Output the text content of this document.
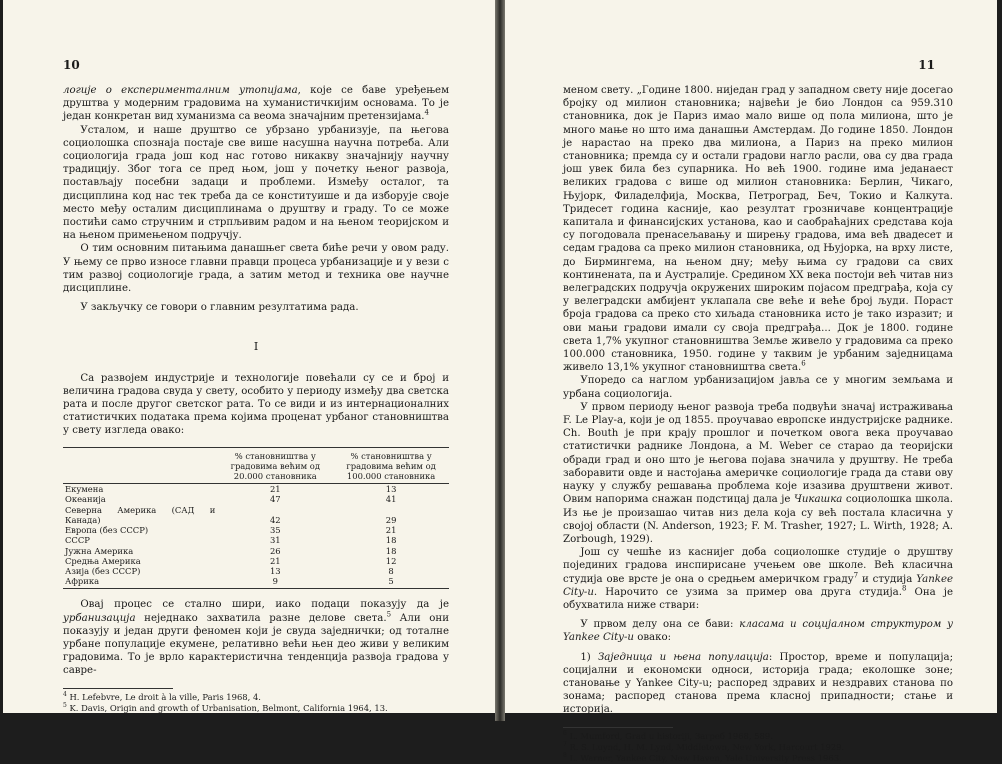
10

логије о експерименталним утопијама, које се баве уређењем друштва у модерним градовима на хуманистичкијим основама. То је један конкретан вид хуманизма са веома значајним претензијама.$^4$

Усталом, и наше друштво се убрзано урбанизује, па његова социолошка спознаја постаје све више насушна научна потреба. Али социологија града још код нас готово никакву значајнију научну традицију. Због тога се пред њом, још у почетку њеног развоја, постављају посебни задаци и проблеми. Између осталог, та дисциплина код нас тек треба да се конституише и да изборује своје место међу осталим дисциплинама о друштву и граду. То се може постићи само стручним и стрпљивим радом и на њеном теоријском и на њеном примењеном подручју.

О тим основним питањима данашњег света биће речи у овом раду. У њему се прво износе главни правци процеса урбанизације и у вези с тим развој социологије града, а затим метод и техника ове научне дисциплине.

У закључку се говори о главним резултатима рада.

I

Са развојем индустрије и технологије повећали су се и број и величина градова свуда у свету, особито у периоду између два светска рата и после другог светског рата. То се види и из интернационалних статистичких података према којима проценат урбаног становништва у свету изгледа овако:

	% становништва у градовима већим од 20.000 становника	% становништва у градовима већим од 100.000 становника
Екумена	21	13
Океанија	47	41
Северна Америка (САД и Канада)	42	29
Европа (без СССР)	35	21
СССР	31	18
Јужна Америка	26	18
Средња Америка	21	12
Азија (без СССР)	13	8
Африка	9	5

Овај процес се стално шири, иако подаци показују да је урбанизација неједнако захватила разне делове света.$^5$ Али они показују и један други феномен који је свуда заједнички; од тоталне урбане популације екумене, релативно већи њен део живи у великим градовима. То је врло карактеристична тенденција развоја градова у савре-

$^4$ H. Lefebvre, Le droit à la ville, Paris 1968, 4.
$^5$ K. Davis, Origin and growth of Urbanisation, Belmont, California 1964, 13.
11

меном свету. „Године 1800. ниједан град у западном свету није досегао бројку од милион становника; највећи је био Лондон са 959.310 становника, док је Париз имао мало више од пола милиона, што је много мање но што има данашњи Амстердам. До године 1850. Лондон је нарастао на преко два милиона, а Париз на преко милион становника; премда су и остали градови нагло расли, ова су два града још увек била без супарника. Но већ 1900. године има једанаест великих градова с више од милион становника: Берлин, Чикаго, Њујорк, Филаделфија, Москва, Петроград, Беч, Токио и Калкута. Тридесет година касније, као резултат грозничаве концентрације капитала и финансијских установа, као и саобраћајних средстава која су погодовала пренасељавању и ширењу градова, има већ двадесет и седам градова са преко милион становника, од Њујорка, на врху листе, до Бирмингема, на њеном дну; међу њима су градови са свих континената, па и Аустралије. Средином XX века постоји већ читав низ велеградских подручја окружених широким појасом предграђа, која су у велеградски амбијент уклапала све веће и веће број људи. Пораст броја градова са преко сто хиљада становника исто је тако изразит; и ови мањи градови имали су своја предграђа... Док је 1800. године света 1,7% укупног становништва Земље живело у градовима са преко 100.000 становника, 1950. године у таквим је урбаним заједницама живело 13,1% укупног становништва света.$^6$

Упоредо са наглом урбанизацијом јавља се у многим земљама и урбана социологија.

У првом периоду њеног развоја треба подвући значај истраживања F. Le Play-a, који је од 1855. проучавао европске индустријске раднике. Ch. Bouth је при крају прошлог и почетком овога века проучавао статистички раднике Лондона, а M. Weber се старао да теоријски обради град и оно што је његова појава значила у друштву. Не треба заборавити овде и настојања америчке социологије града да стави ову науку у службу решавања проблема које изазива друштвени живот. Овим напорима снажан подстицај дала је Чикашка социолошка школа. Из ње је произашао читав низ дела која су већ постала класична у својој области (N. Anderson, 1923; F. M. Trasher, 1927; L. Wirth, 1928; A. Zorbough, 1929).

Још су чешће из каснијег доба социолошке студије о друштву појединих градова инспирисане учењем ове школе. Већ класична студија ове врсте је она о средњем америчком граду$^7$ и студија Yankee City-u. Нарочито се узима за пример ова друга студија.$^8$ Она је обухватила ниже ствари:

У првом делу она се бави: класама и социјалном структуром у Yankee City-u овако:

1) Заједница и њена популација: Простор, време и популација; социјални и економски односи, историја града; еколошке зоне; становање у Yankee City-u; распоред здравих и нездравих станова по зонама; распоред станова према класној припадности; стање и историја.

$^6$ L. Mumford, Grad u historiji, Загреб 1968, 589.
$^7$ R. S. Luynd, H. M. Lynd, Middletown, New York, Harcourt 1929.
$^8$ L. Warner, Yankee City, New Haven, Yale University Press 1963.
